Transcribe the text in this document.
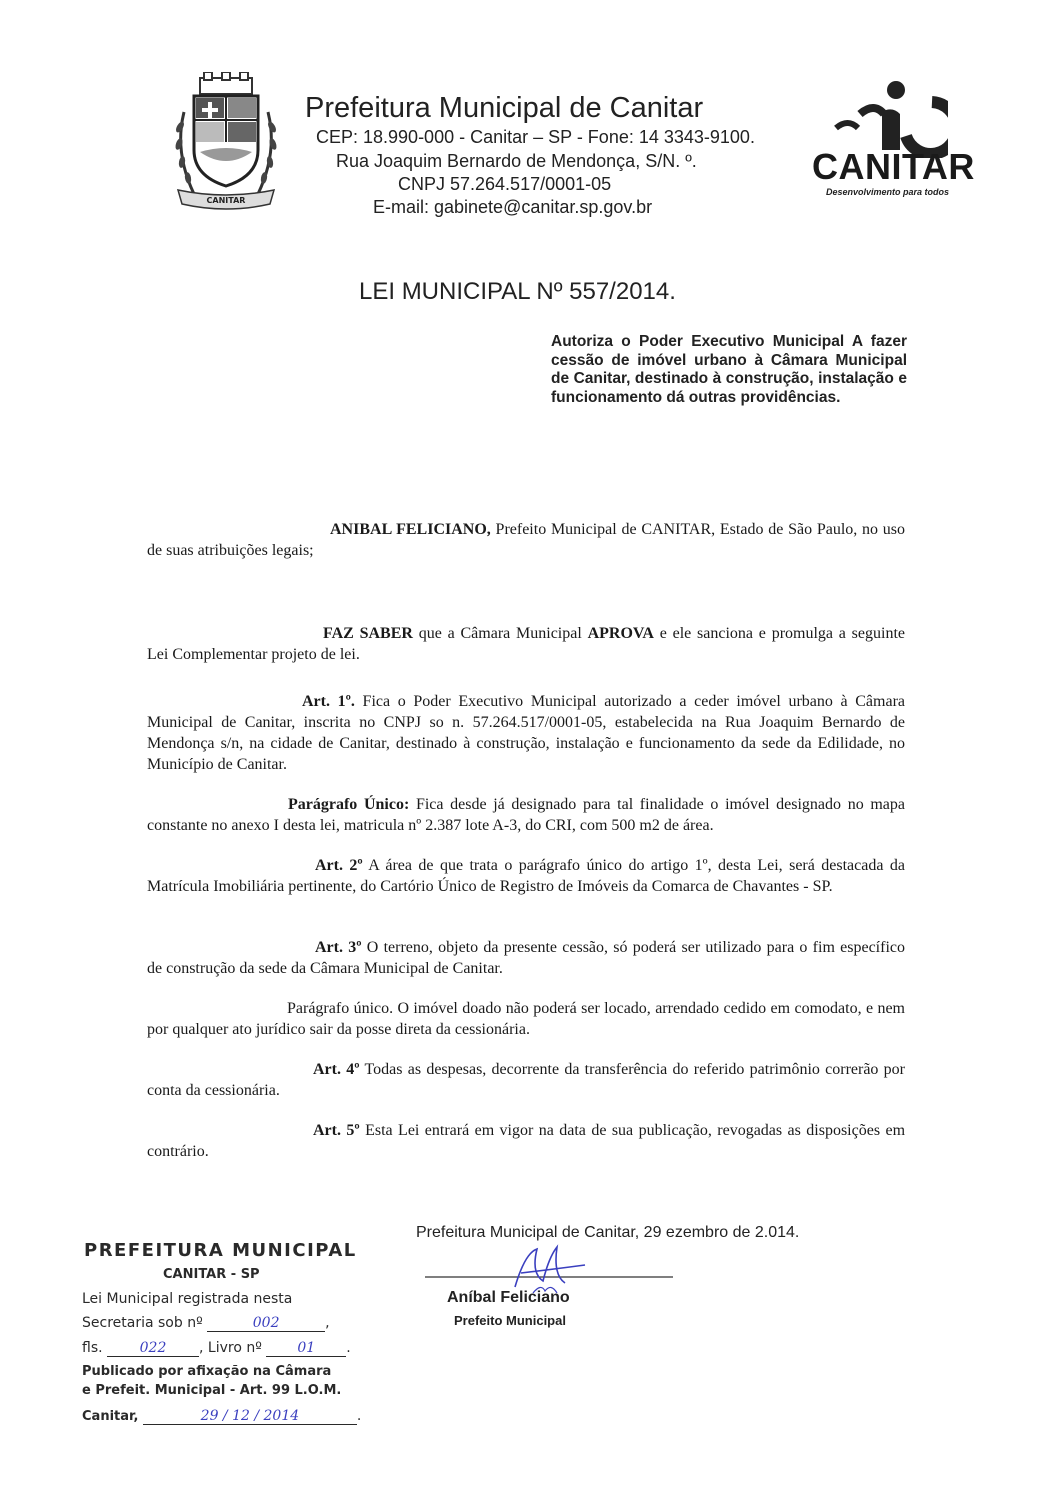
CANITAR
Prefeitura Municipal de Canitar
CEP: 18.990-000 - Canitar – SP - Fone: 14 3343-9100.
Rua Joaquim Bernardo de Mendonça, S/N. º.
CNPJ 57.264.517/0001-05
E-mail: gabinete@canitar.sp.gov.br
CANITAR
Desenvolvimento para todos
LEI MUNICIPAL Nº 557/2014.
Autoriza o Poder Executivo Municipal A fazer cessão de imóvel urbano à Câmara Municipal de Canitar, destinado à construção, instalação e funcionamento dá outras providências.
ANIBAL FELICIANO, Prefeito Municipal de CANITAR, Estado de São Paulo, no uso de suas atribuições legais;
FAZ SABER que a Câmara Municipal APROVA e ele sanciona e promulga a seguinte Lei Complementar projeto de lei.
Art. 1º. Fica o Poder Executivo Municipal autorizado a ceder imóvel urbano à Câmara Municipal de Canitar, inscrita no CNPJ so n. 57.264.517/0001-05, estabelecida na Rua Joaquim Bernardo de Mendonça s/n, na cidade de Canitar, destinado à construção, instalação e funcionamento da sede da Edilidade, no Município de Canitar.
Parágrafo Único: Fica desde já designado para tal finalidade o imóvel designado no mapa constante no anexo I desta lei, matricula nº 2.387 lote A-3, do CRI, com 500 m2 de área.
Art. 2º A área de que trata o parágrafo único do artigo 1º, desta Lei, será destacada da Matrícula Imobiliária pertinente, do Cartório Único de Registro de Imóveis da Comarca de Chavantes - SP.
Art. 3º O terreno, objeto da presente cessão, só poderá ser utilizado para o fim específico de construção da sede da Câmara Municipal de Canitar.
Parágrafo único. O imóvel doado não poderá ser locado, arrendado cedido em comodato, e nem por qualquer ato jurídico sair da posse direta da cessionária.
Art. 4º Todas as despesas, decorrente da transferência do referido patrimônio correrão por conta da cessionária.
Art. 5º Esta Lei entrará em vigor na data de sua publicação, revogadas as disposições em contrário.
Prefeitura Municipal de Canitar, 29 ezembro de 2.014.
Aníbal Feliciano
Prefeito Municipal
PREFEITURA MUNICIPAL
CANITAR - SP
Lei Municipal registrada nesta
Secretaria sob nº	002	,
fls.	022 , Livro nº	01 .
Publicado por afixação na Câmara
e Prefeit. Municipal - Art. 99 L.O.M.
Canitar,	29 / 12 / 2014	.
